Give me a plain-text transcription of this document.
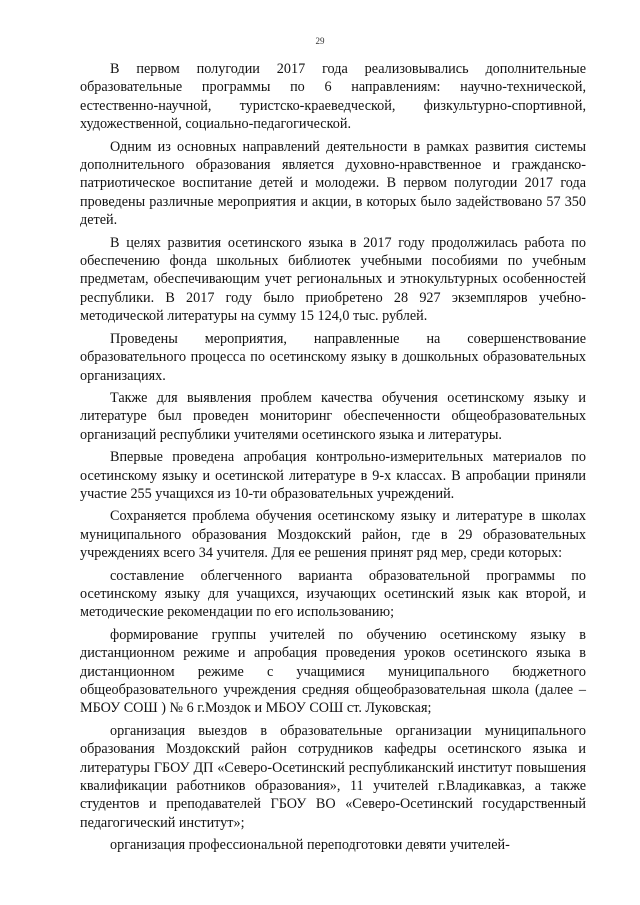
29

В первом полугодии 2017 года реализовывались дополнительные образовательные программы по 6 направлениям: научно-технической, естественно-научной, туристско-краеведческой, физкультурно-спортивной, художественной, социально-педагогической.

Одним из основных направлений деятельности в рамках развития системы дополнительного образования является духовно-нравственное и гражданско-патриотическое воспитание детей и молодежи. В первом полугодии 2017 года проведены различные мероприятия и акции, в которых было задействовано 57 350 детей.

В целях развития осетинского языка в 2017 году продолжилась работа по обеспечению фонда школьных библиотек учебными пособиями по учебным предметам, обеспечивающим учет региональных и этнокультурных особенностей республики. В 2017 году было приобретено 28 927 экземпляров учебно-методической литературы на сумму 15 124,0 тыс. рублей.

Проведены мероприятия, направленные на совершенствование образовательного процесса по осетинскому языку в дошкольных образовательных организациях.

Также для выявления проблем качества обучения осетинскому языку и литературе был проведен мониторинг обеспеченности общеобразовательных организаций республики учителями осетинского языка и литературы.

Впервые проведена апробация контрольно-измерительных материалов по осетинскому языку и осетинской литературе в 9-х классах. В апробации приняли участие 255 учащихся из 10-ти образовательных учреждений.

Сохраняется проблема обучения осетинскому языку и литературе в школах муниципального образования Моздокский район, где в 29 образовательных учреждениях всего 34 учителя. Для ее решения принят ряд мер, среди которых:

составление облегченного варианта образовательной программы по осетинскому языку для учащихся, изучающих осетинский язык как второй, и методические рекомендации по его использованию;

формирование группы учителей по обучению осетинскому языку в дистанционном режиме и апробация проведения уроков осетинского языка в дистанционном режиме с учащимися муниципального бюджетного общеобразовательного учреждения средняя общеобразовательная школа (далее – МБОУ СОШ ) № 6 г.Моздок и МБОУ СОШ ст. Луковская;

организация выездов в образовательные организации муниципального образования Моздокский район сотрудников кафедры осетинского языка и литературы ГБОУ ДП «Северо-Осетинский республиканский институт повышения квалификации работников образования», 11 учителей г.Владикавказ, а также студентов и преподавателей ГБОУ ВО «Северо-Осетинский государственный педагогический институт»;

организация профессиональной переподготовки девяти учителей-
